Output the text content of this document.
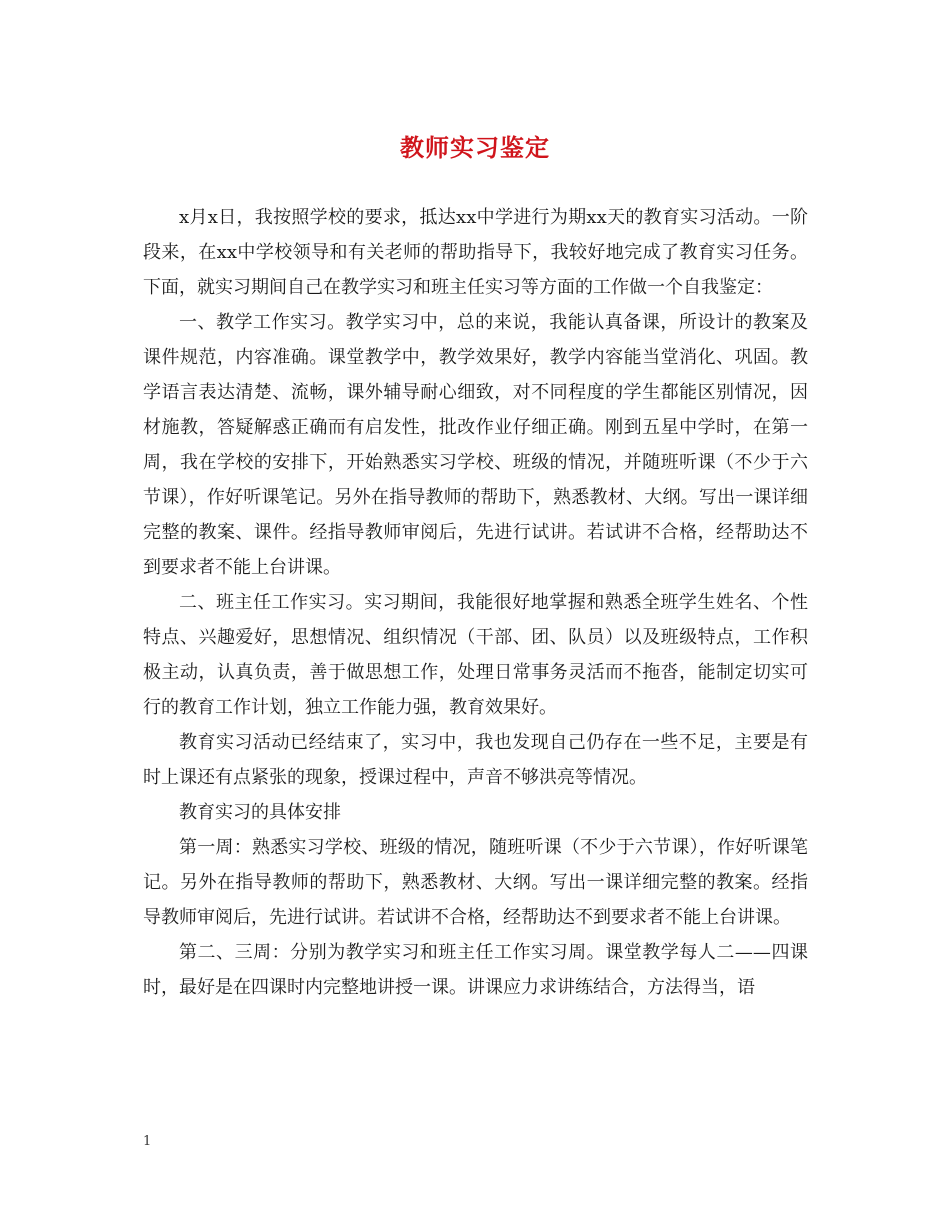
教师实习鉴定

x月x日，我按照学校的要求，抵达xx中学进行为期xx天的教育实习活动。一阶段来，在xx中学校领导和有关老师的帮助指导下，我较好地完成了教育实习任务。下面，就实习期间自己在教学实习和班主任实习等方面的工作做一个自我鉴定：

一、教学工作实习。教学实习中，总的来说，我能认真备课，所设计的教案及课件规范，内容准确。课堂教学中，教学效果好，教学内容能当堂消化、巩固。教学语言表达清楚、流畅，课外辅导耐心细致，对不同程度的学生都能区别情况，因材施教，答疑解惑正确而有启发性，批改作业仔细正确。刚到五星中学时，在第一周，我在学校的安排下，开始熟悉实习学校、班级的情况，并随班听课（不少于六节课），作好听课笔记。另外在指导教师的帮助下，熟悉教材、大纲。写出一课详细完整的教案、课件。经指导教师审阅后，先进行试讲。若试讲不合格，经帮助达不到要求者不能上台讲课。

二、班主任工作实习。实习期间，我能很好地掌握和熟悉全班学生姓名、个性特点、兴趣爱好，思想情况、组织情况（干部、团、队员）以及班级特点，工作积极主动，认真负责，善于做思想工作，处理日常事务灵活而不拖沓，能制定切实可行的教育工作计划，独立工作能力强，教育效果好。

教育实习活动已经结束了，实习中，我也发现自己仍存在一些不足，主要是有时上课还有点紧张的现象，授课过程中，声音不够洪亮等情况。

教育实习的具体安排

第一周：熟悉实习学校、班级的情况，随班听课（不少于六节课），作好听课笔记。另外在指导教师的帮助下，熟悉教材、大纲。写出一课详细完整的教案。经指导教师审阅后，先进行试讲。若试讲不合格，经帮助达不到要求者不能上台讲课。

第二、三周：分别为教学实习和班主任工作实习周。课堂教学每人二——四课时，最好是在四课时内完整地讲授一课。讲课应力求讲练结合，方法得当，语

1
